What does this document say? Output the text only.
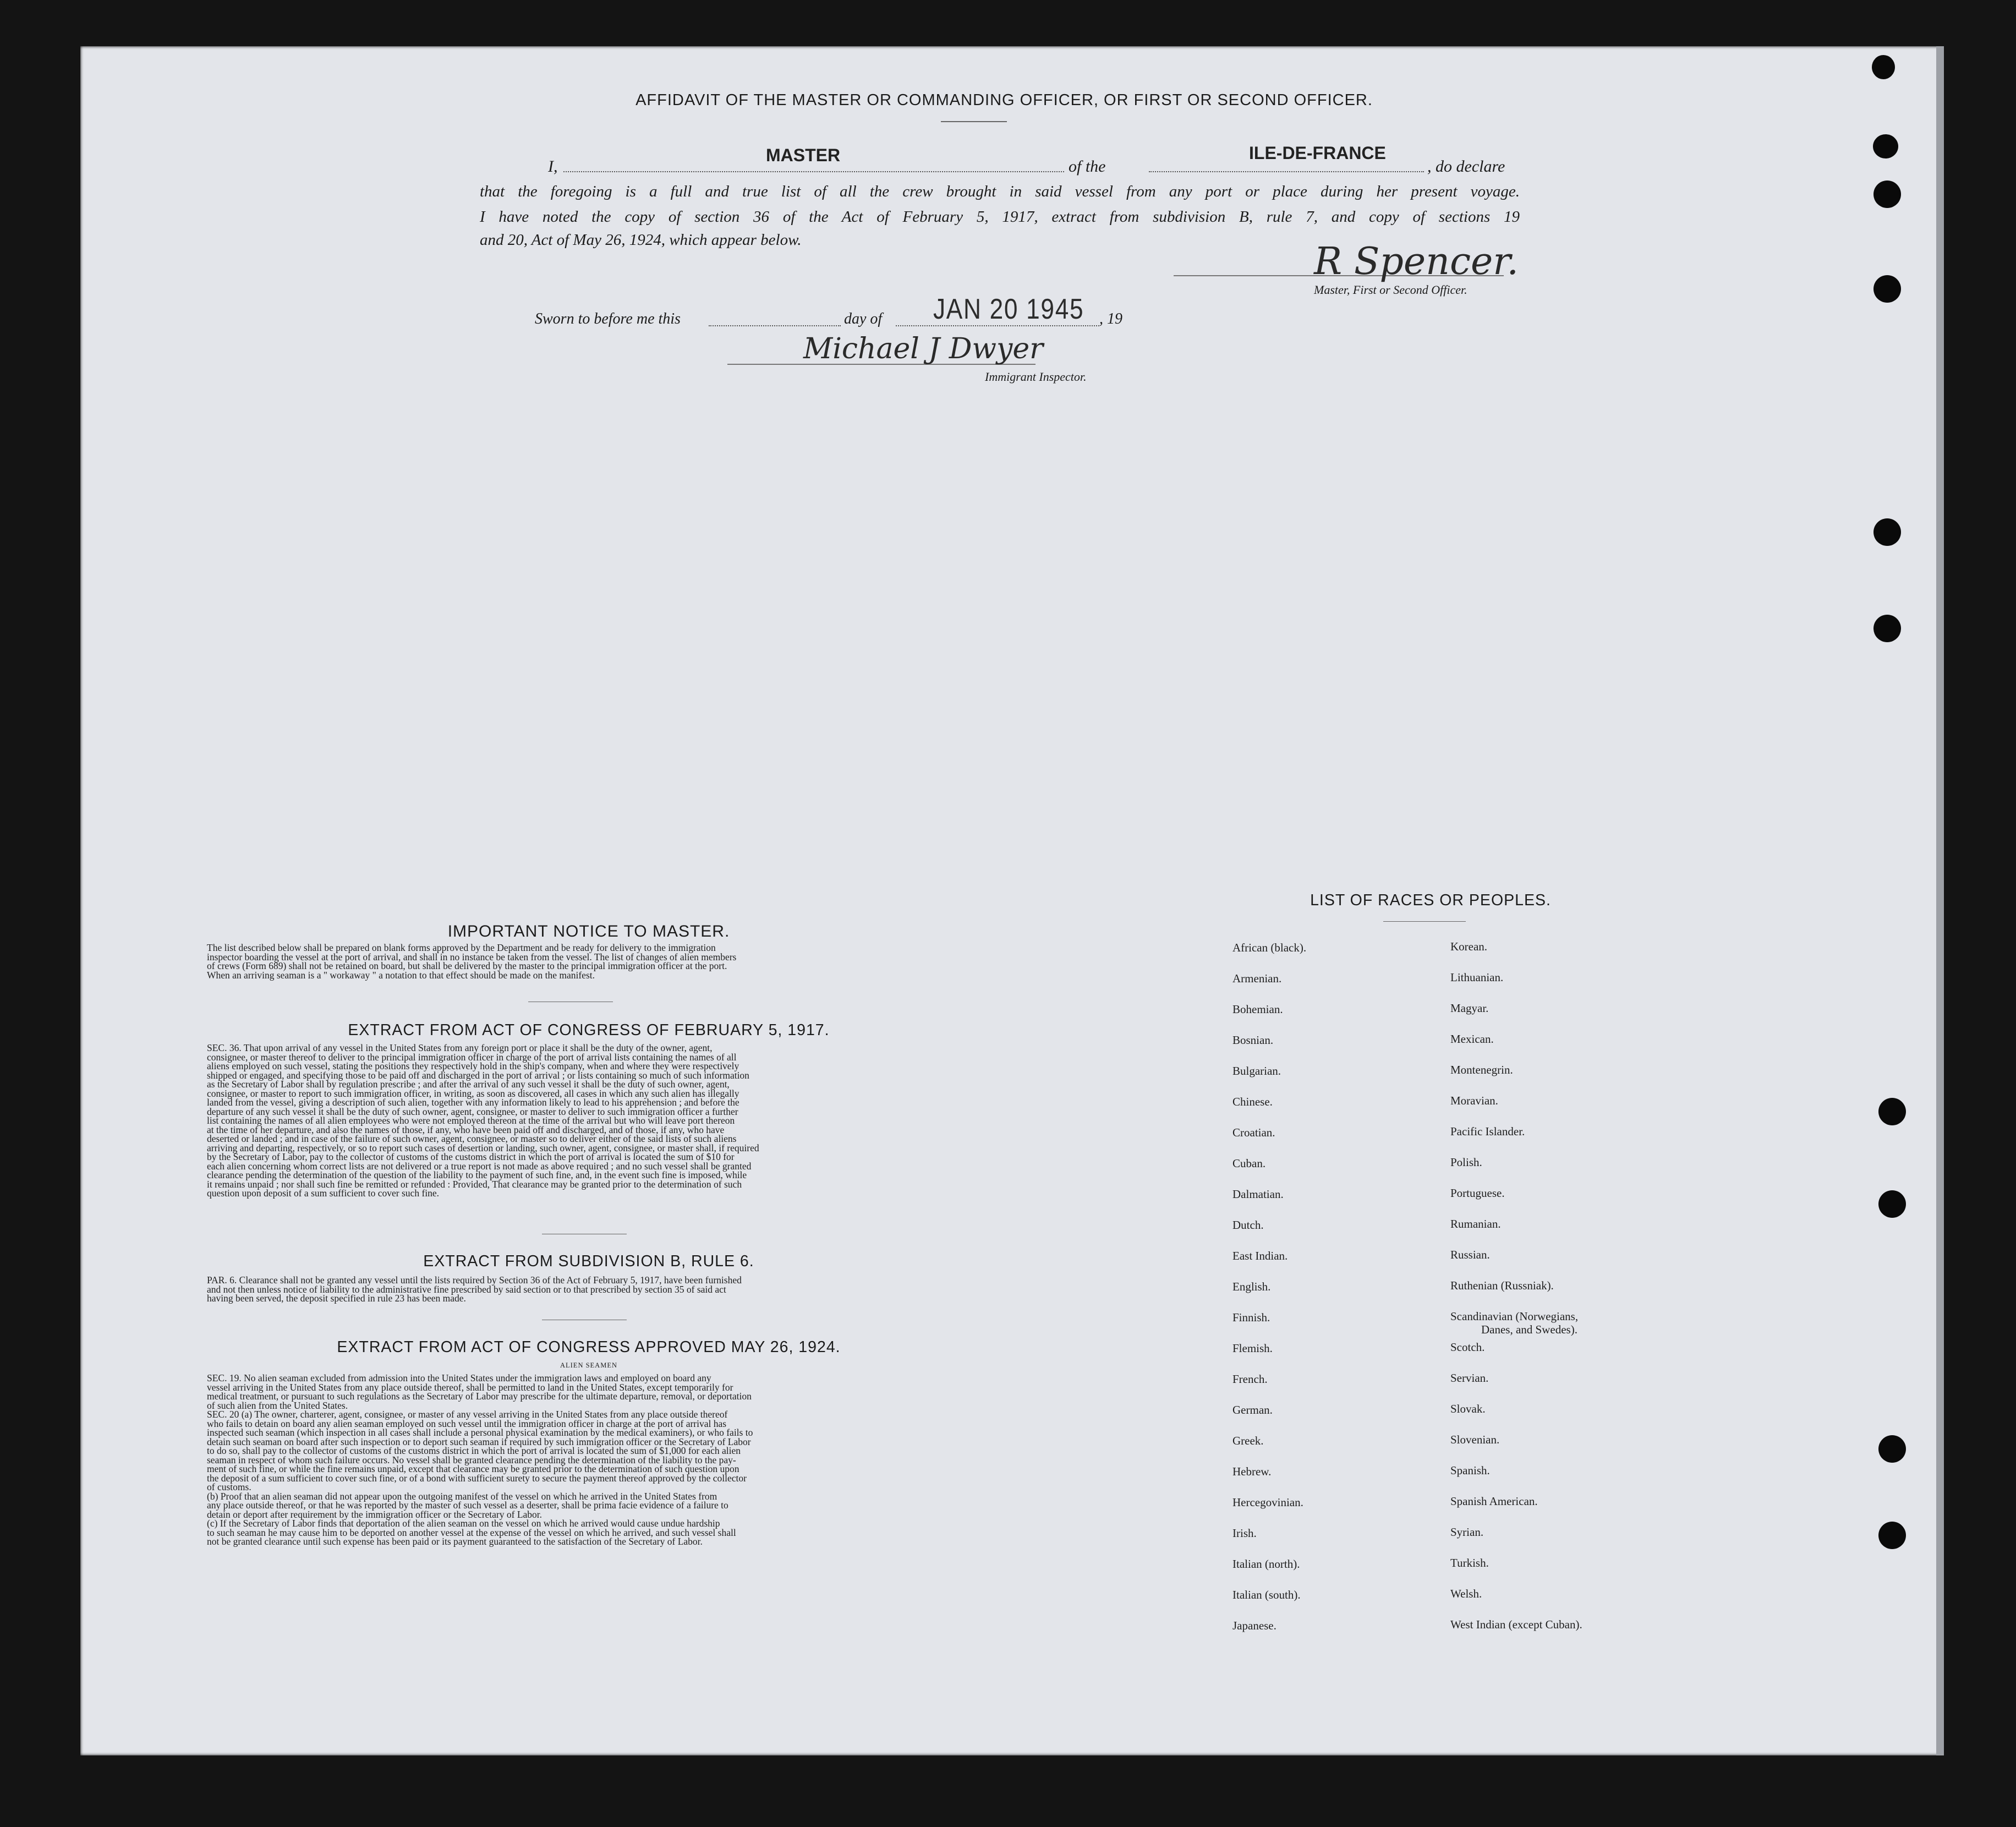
AFFIDAVIT OF THE MASTER OR COMMANDING OFFICER, OR FIRST OR SECOND OFFICER.
I,
MASTER
of the
ILE-DE-FRANCE
, do declare
that the foregoing is a full and true list of all the crew brought in said vessel from any port or place during her present voyage.
I have noted the copy of section 36 of the Act of February 5, 1917, extract from subdivision B, rule 7, and copy of sections 19
and 20, Act of May 26, 1924, which appear below.	R Spencer.
Master, First or Second Officer.
Sworn to before me this	day of JAN 20 1945 , 19
Michael J Dwyer
Immigrant Inspector.
IMPORTANT NOTICE TO MASTER.
The list described below shall be prepared on blank forms approved by the Department and be ready for delivery to the immigration
inspector boarding the vessel at the port of arrival, and shall in no instance be taken from the vessel. The list of changes of alien members
of crews (Form 689) shall not be retained on board, but shall be delivered by the master to the principal immigration officer at the port.
When an arriving seaman is a " workaway " a notation to that effect should be made on the manifest.
EXTRACT FROM ACT OF CONGRESS OF FEBRUARY 5, 1917.
SEC. 36. That upon arrival of any vessel in the United States from any foreign port or place it shall be the duty of the owner, agent,
consignee, or master thereof to deliver to the principal immigration officer in charge of the port of arrival lists containing the names of all
aliens employed on such vessel, stating the positions they respectively hold in the ship's company, when and where they were respectively
shipped or engaged, and specifying those to be paid off and discharged in the port of arrival ; or lists containing so much of such information
as the Secretary of Labor shall by regulation prescribe ; and after the arrival of any such vessel it shall be the duty of such owner, agent,
consignee, or master to report to such immigration officer, in writing, as soon as discovered, all cases in which any such alien has illegally
landed from the vessel, giving a description of such alien, together with any information likely to lead to his apprehension ; and before the
departure of any such vessel it shall be the duty of such owner, agent, consignee, or master to deliver to such immigration officer a further
list containing the names of all alien employees who were not employed thereon at the time of the arrival but who will leave port thereon
at the time of her departure, and also the names of those, if any, who have been paid off and discharged, and of those, if any, who have
deserted or landed ; and in case of the failure of such owner, agent, consignee, or master so to deliver either of the said lists of such aliens
arriving and departing, respectively, or so to report such cases of desertion or landing, such owner, agent, consignee, or master shall, if required
by the Secretary of Labor, pay to the collector of customs of the customs district in which the port of arrival is located the sum of $10 for
each alien concerning whom correct lists are not delivered or a true report is not made as above required ; and no such vessel shall be granted
clearance pending the determination of the question of the liability to the payment of such fine, and, in the event such fine is imposed, while
it remains unpaid ; nor shall such fine be remitted or refunded : Provided, That clearance may be granted prior to the determination of such
question upon deposit of a sum sufficient to cover such fine.
EXTRACT FROM SUBDIVISION B, RULE 6.
PAR. 6. Clearance shall not be granted any vessel until the lists required by Section 36 of the Act of February 5, 1917, have been furnished
and not then unless notice of liability to the administrative fine prescribed by said section or to that prescribed by section 35 of said act
having been served, the deposit specified in rule 23 has been made.
EXTRACT FROM ACT OF CONGRESS APPROVED MAY 26, 1924.
ALIEN SEAMEN
SEC. 19. No alien seaman excluded from admission into the United States under the immigration laws and employed on board any
vessel arriving in the United States from any place outside thereof, shall be permitted to land in the United States, except temporarily for
medical treatment, or pursuant to such regulations as the Secretary of Labor may prescribe for the ultimate departure, removal, or deportation
of such alien from the United States.
SEC. 20 (a) The owner, charterer, agent, consignee, or master of any vessel arriving in the United States from any place outside thereof
who fails to detain on board any alien seaman employed on such vessel until the immigration officer in charge at the port of arrival has
inspected such seaman (which inspection in all cases shall include a personal physical examination by the medical examiners), or who fails to
detain such seaman on board after such inspection or to deport such seaman if required by such immigration officer or the Secretary of Labor
to do so, shall pay to the collector of customs of the customs district in which the port of arrival is located the sum of $1,000 for each alien
seaman in respect of whom such failure occurs. No vessel shall be granted clearance pending the determination of the liability to the pay-
ment of such fine, or while the fine remains unpaid, except that clearance may be granted prior to the determination of such question upon
the deposit of a sum sufficient to cover such fine, or of a bond with sufficient surety to secure the payment thereof approved by the collector
of customs.
(b) Proof that an alien seaman did not appear upon the outgoing manifest of the vessel on which he arrived in the United States from
any place outside thereof, or that he was reported by the master of such vessel as a deserter, shall be prima facie evidence of a failure to
detain or deport after requirement by the immigration officer or the Secretary of Labor.
(c) If the Secretary of Labor finds that deportation of the alien seaman on the vessel on which he arrived would cause undue hardship
to such seaman he may cause him to be deported on another vessel at the expense of the vessel on which he arrived, and such vessel shall
not be granted clearance until such expense has been paid or its payment guaranteed to the satisfaction of the Secretary of Labor.
LIST OF RACES OR PEOPLES.
African (black).
Armenian.
Bohemian.
Bosnian.
Bulgarian.
Chinese.
Croatian.
Cuban.
Dalmatian.
Dutch.
East Indian.
English.
Finnish.
Flemish.
French.
German.
Greek.
Hebrew.
Hercegovinian.
Irish.
Italian (north).
Italian (south).
Japanese.
Korean.
Lithuanian.
Magyar.
Mexican.
Montenegrin.
Moravian.
Pacific Islander.
Polish.
Portuguese.
Rumanian.
Russian.
Ruthenian (Russniak).
Scandinavian (Norwegians,
Danes, and Swedes).
Scotch.
Servian.
Slovak.
Slovenian.
Spanish.
Spanish American.
Syrian.
Turkish.
Welsh.
West Indian (except Cuban).
